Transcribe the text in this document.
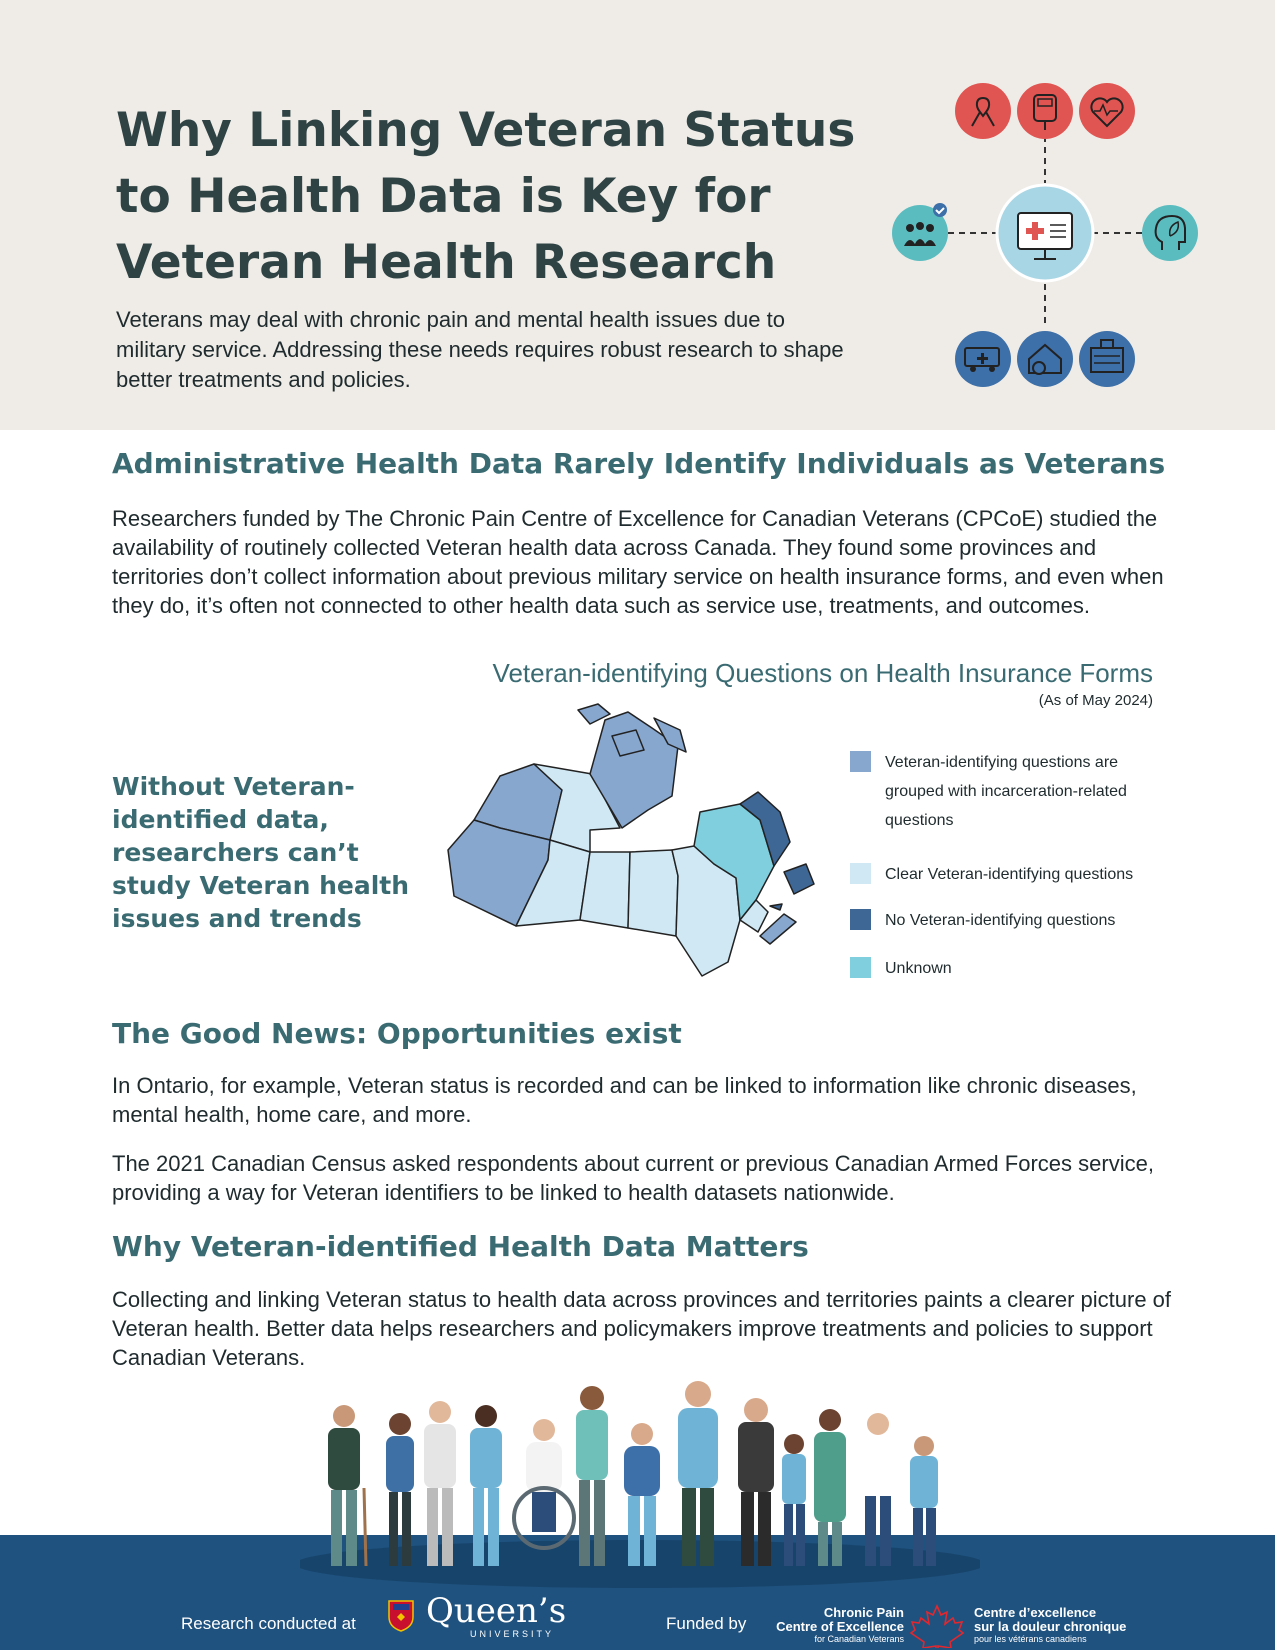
Why Linking Veteran Status to Health Data is Key for Veteran Health Research

Veterans may deal with chronic pain and mental health issues due to military service. Addressing these needs requires robust research to shape better treatments and policies.

Administrative Health Data Rarely Identify Individuals as Veterans

Researchers funded by The Chronic Pain Centre of Excellence for Canadian Veterans (CPCoE) studied the availability of routinely collected Veteran health data across Canada. They found some provinces and territories don’t collect information about previous military service on health insurance forms, and even when they do, it’s often not connected to other health data such as service use, treatments, and outcomes.

Veteran-identifying Questions on Health Insurance Forms

(As of May 2024)

Without Veteran-identified data, researchers can’t study Veteran health issues and trends

Veteran-identifying questions are grouped with incarceration-related questions
Clear Veteran-identifying questions
No Veteran-identifying questions
Unknown
The Good News: Opportunities exist

In Ontario, for example, Veteran status is recorded and can be linked to information like chronic diseases, mental health, home care, and more.

The 2021 Canadian Census asked respondents about current or previous Canadian Armed Forces service, providing a way for Veteran identifiers to be linked to health datasets nationwide.

Why Veteran-identified Health Data Matters

Collecting and linking Veteran status to health data across provinces and territories paints a clearer picture of Veteran health. Better data helps researchers and policymakers improve treatments and policies to support Canadian Veterans.

Research conducted at Queen’s
UNIVERSITY
Funded by
Chronic Pain
Centre of Excellence
for Canadian Veterans
Centre d’excellence
sur la douleur chronique
pour les vétérans canadiens
